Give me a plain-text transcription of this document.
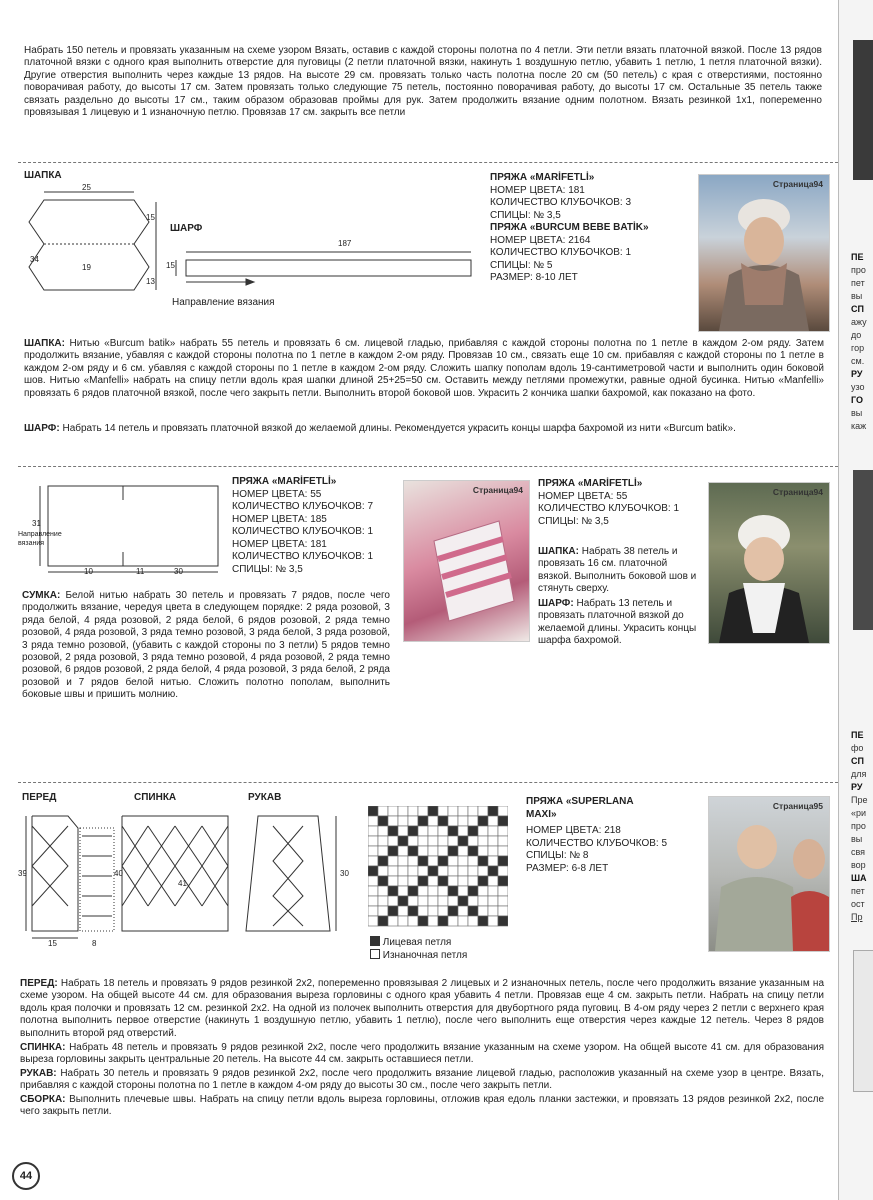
Набрать 150 петель и провязать указанным на схеме узором Вязать, оставив с каждой стороны полотна по 4 петли. Эти петли вязать платочной вязкой. После 13 рядов платочной вязки с одного края выполнить отверстие для пуговицы (2 петли платочной вязки, накинуть 1 воздушную петлю, убавить 1 петлю, 1 петля платочной вязки). Другие отверстия выполнить через каждые 13 рядов. На высоте 29 см. провязать только часть полотна после 20 см (50 петель) с края с отверстиями, постоянно поворачивая работу, до высоты 17 см. Затем провязать только следующие 75 петель, постоянно поворачивая работу, до высоты 17 см. Остальные 35 петель также связать раздельно до высоты 17 см., таким образом образовав проймы для рук. Затем продолжить вязание одним полотном. Вязать резинкой 1х1, попеременно провязывая 1 лицевую и 1 изнаночную петлю. Провязав 17 см. закрыть все петли
ШАПКА
25
34
19
15
13
ШАРФ
187
15
Направление вязания
ПРЯЖА «MARİFETLİ»
НОМЕР ЦВЕТА: 181
КОЛИЧЕСТВО КЛУБОЧКОВ: 3
СПИЦЫ: № 3,5
ПРЯЖА «BURCUM BEBE BATİK»
НОМЕР ЦВЕТА: 2164
КОЛИЧЕСТВО КЛУБОЧКОВ: 1
СПИЦЫ: № 5
РАЗМЕР: 8-10 ЛЕТ
Страница94
ШАПКА: Нитью «Burcum batik» набрать 55 петель и провязать 6 см. лицевой гладью, прибавляя с каждой стороны полотна по 1 петле в каждом 2-ом ряду. Затем продолжить вязание, убавляя с каждой стороны полотна по 1 петле в каждом 2-ом ряду. Провязав 10 см., связать еще 10 см. прибавляя с каждой стороны по 1 петле в каждом 2-ом ряду и 6 см. убавляя с каждой стороны по 1 петле в каждом 2-ом ряду. Сложить шапку пополам вдоль 19-сантиметровой части и выполнить один боковой шов. Нитью «Manfelli» набрать на спицу петли вдоль края шапки длиной 25+25=50 см. Оставить между петлями промежутки, равные одной бусинка. Нитью «Manfelli» провязать 6 рядов платочной вязкой, после чего закрыть петли. Выполнить второй боковой шов. Украсить 2 кончика шапки бахромой, как показано на фото.
ШАРФ: Набрать 14 петель и провязать платочной вязкой до желаемой длины. Рекомендуется украсить концы шарфа бахромой из нити «Burcum batik».
31
10	11	30
Направление вязания
ПРЯЖА «MARİFETLİ»
НОМЕР ЦВЕТА: 55
КОЛИЧЕСТВО КЛУБОЧКОВ: 7
НОМЕР ЦВЕТА: 185
КОЛИЧЕСТВО КЛУБОЧКОВ: 1
НОМЕР ЦВЕТА: 181
КОЛИЧЕСТВО КЛУБОЧКОВ: 1
СПИЦЫ: № 3,5
Страница94
ПРЯЖА «MARİFETLİ»
НОМЕР ЦВЕТА: 55
КОЛИЧЕСТВО КЛУБОЧКОВ: 1
СПИЦЫ: № 3,5
ШАПКА: Набрать 38 петель и провязать 16 см. платочной вязкой. Выполнить боковой шов и стянуть сверху.
ШАРФ: Набрать 13 петель и провязать платочной вязкой до желаемой длины. Украсить концы шарфа бахромой.
Страница94
СУМКА: Белой нитью набрать 30 петель и провязать 7 рядов, после чего продолжить вязание, чередуя цвета в следующем порядке: 2 ряда розовой, 3 ряда белой, 4 ряда розовой, 2 ряда белой, 6 рядов розовой, 2 ряда темно розовой, 4 ряда розовой, 3 ряда темно розовой, 3 ряда белой, 3 ряда розовой, 3 ряда темно розовой, (убавить с каждой стороны по 3 петли) 5 рядов темно розовой, 2 ряда розовой, 3 ряда темно розовой, 4 ряда розовой, 2 ряда темно розовой, 6 рядов розовой, 2 ряда белой, 4 ряда розовой, 3 ряда белой, 2 ряда розовой и 7 рядов белой нитью. Сложить полотно пополам, выполнить боковые швы и пришить молнию.
ПЕРЕД	СПИНКА	РУКАВ
39
15	8
40
41
30
Лицевая петля
Изнаночная петля
ПРЯЖА «SUPERLANA MAXI»
НОМЕР ЦВЕТА: 218
КОЛИЧЕСТВО КЛУБОЧКОВ: 5
СПИЦЫ: № 8
РАЗМЕР: 6-8 ЛЕТ
Страница95
ПЕРЕД: Набрать 18 петель и провязать 9 рядов резинкой 2х2, попеременно провязывая 2 лицевых и 2 изнаночных петель, после чего продолжить вязание указанным на схеме узором. На общей высоте 44 см. для образования выреза горловины с одного края убавить 4 петли. Провязав еще 4 см. закрыть петли. Набрать на спицу петли вдоль края полочки и провязать 12 см. резинкой 2х2. На одной из полочек выполнить отверстия для двубортного ряда пуговиц. В 4-ом ряду через 2 петли с верхнего края полотна выполнить первое отверстие (накинуть 1 воздушную петлю, убавить 1 петлю), после чего выполнить еще отверстия через каждые 12 петель. Через 8 рядов выполнить второй ряд отверстий.
СПИНКА: Набрать 48 петель и провязать 9 рядов резинкой 2х2, после чего продолжить вязание указанным на схеме узором. На общей высоте 41 см. для образования выреза горловины закрыть центральные 20 петель. На высоте 44 см. закрыть оставшиеся петли.
РУКАВ: Набрать 30 петель и провязать 9 рядов резинкой 2х2, после чего продолжить вязание лицевой гладью, расположив указанный на схеме узор в центре. Вязать, прибавляя с каждой стороны полотна по 1 петле в каждом 4-ом ряду до высоты 30 см., после чего закрыть петли.
СБОРКА: Выполнить плечевые швы. Набрать на спицу петли вдоль выреза горловины, отложив края едоль планки застежки, и провязать 13 рядов резинкой 2х2, после чего закрыть петли.
44
ПЕ
про
пет
вы
СП
ажу
до
гор
см.
РУ
узо
ГО
вы
каж
ПЕ
фо
СП
для
РУ
Пре
«ри
про
вы
свя
вор
ША
пет
ост
Пр
